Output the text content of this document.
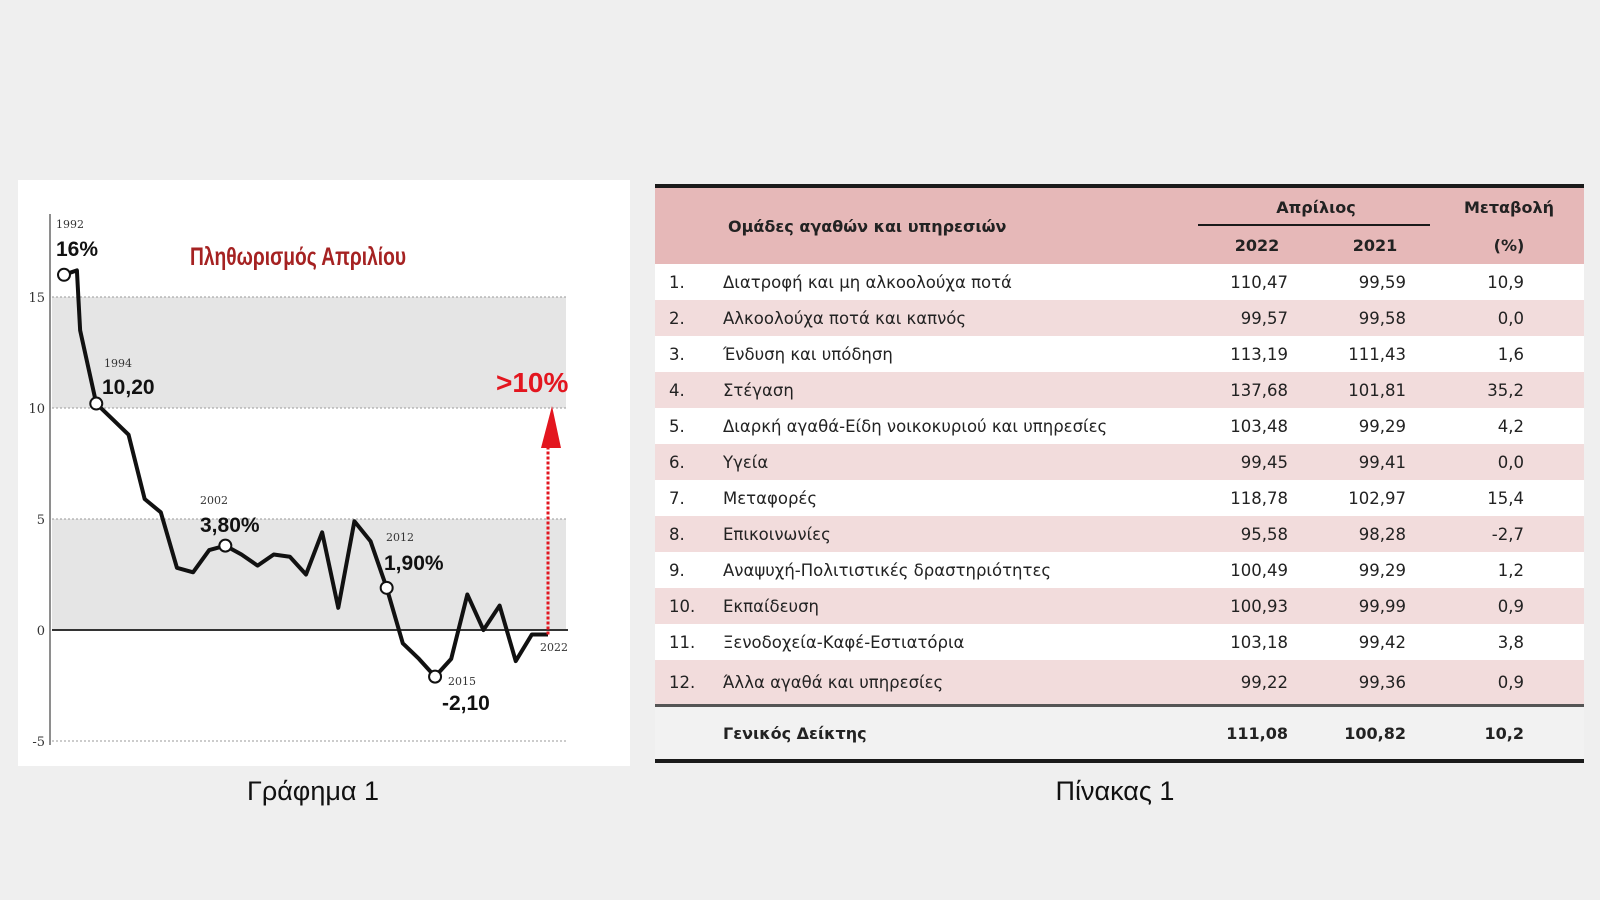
15
10
5
0
-5
Πληθωρισμός Απριλίου
1992
16%
1994
10,20
2002
3,80%
2012
1,90%
2015
-2,10
2022
>10%
Γράφημα 1
	Ομάδες αγαθών και υπηρεσιών	Απρίλιος		Μεταβολή
		2022	2021	(%)
1.	Διατροφή και μη αλκοολούχα ποτά	110,47	99,59	10,9
2.	Αλκοολούχα ποτά και καπνός	99,57	99,58	0,0
3.	Ένδυση και υπόδηση	113,19	111,43	1,6
4.	Στέγαση	137,68	101,81	35,2
5.	Διαρκή αγαθά-Είδη νοικοκυριού και υπηρεσίες	103,48	99,29	4,2
6.	Υγεία	99,45	99,41	0,0
7.	Μεταφορές	118,78	102,97	15,4
8.	Επικοινωνίες	95,58	98,28	-2,7
9.	Αναψυχή-Πολιτιστικές δραστηριότητες	100,49	99,29	1,2
10.	Εκπαίδευση	100,93	99,99	0,9
11.	Ξενοδοχεία-Καφέ-Εστιατόρια	103,18	99,42	3,8
12.	Άλλα αγαθά και υπηρεσίες	99,22	99,36	0,9
	Γενικός Δείκτης	111,08	100,82	10,2
Πίνακας 1
